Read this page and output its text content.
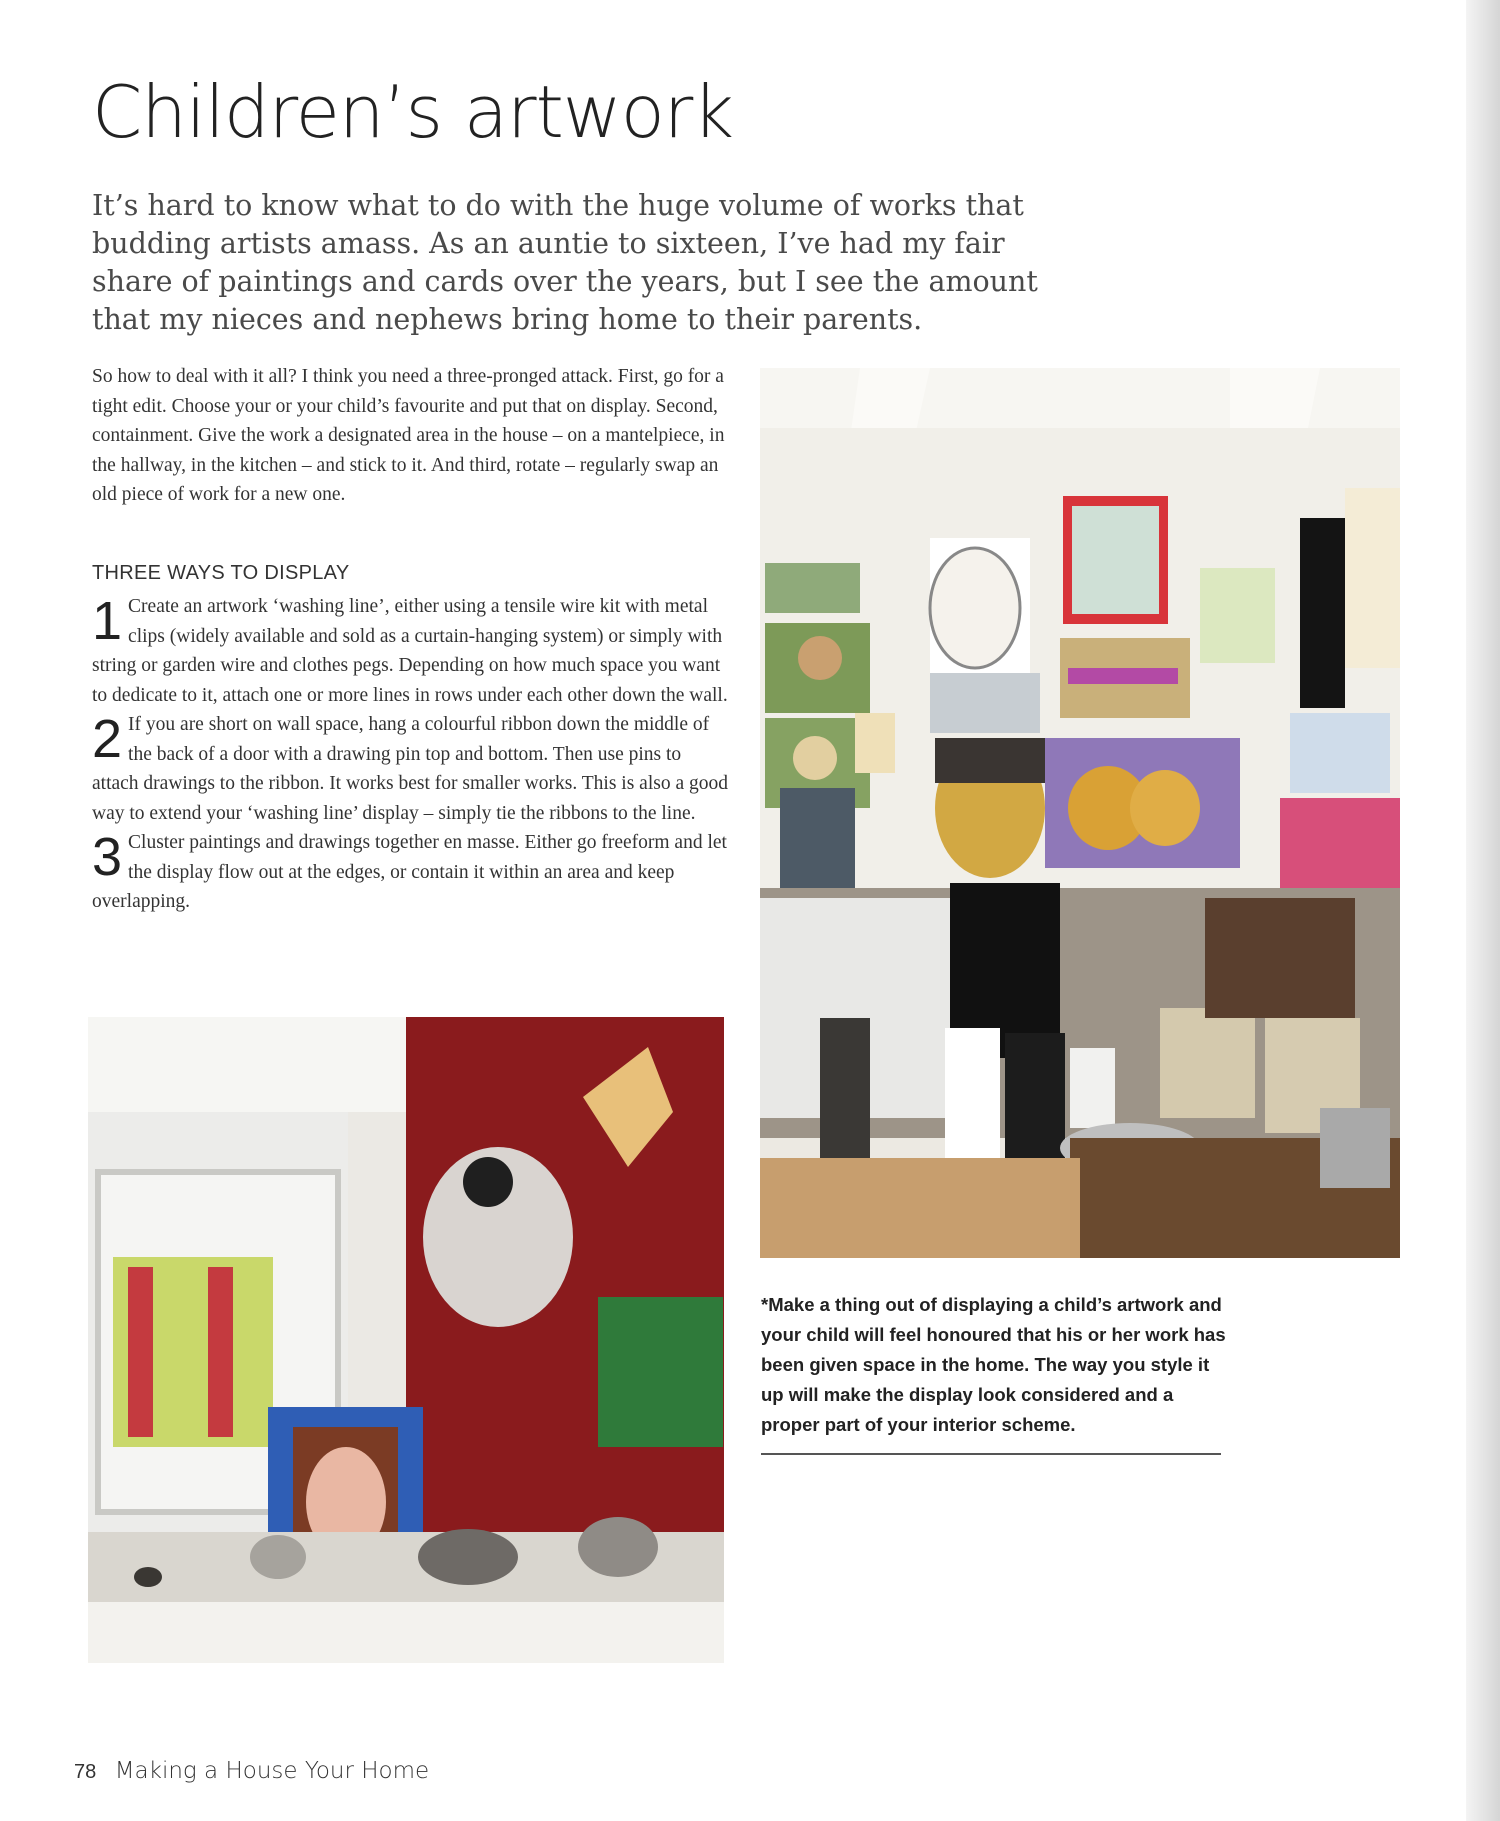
Children’s artwork

It’s hard to know what to do with the huge volume of works that budding artists amass. As an auntie to sixteen, I’ve had my fair share of paintings and cards over the years, but I see the amount that my nieces and nephews bring home to their parents.

So how to deal with it all? I think you need a three-pronged attack. First, go for a tight edit. Choose your or your child’s favourite and put that on display. Second, containment. Give the work a designated area in the house – on a mantelpiece, in the hallway, in the kitchen – and stick to it. And third, rotate – regularly swap an old piece of work for a new one.

THREE WAYS TO DISPLAY

1 Create an artwork ‘washing line’, either using a tensile wire kit with metal clips (widely available and sold as a curtain-hanging system) or simply with string or garden wire and clothes pegs. Depending on how much space you want to dedicate to it, attach one or more lines in rows under each other down the wall.

2 If you are short on wall space, hang a colourful ribbon down the middle of the back of a door with a drawing pin top and bottom. Then use pins to attach drawings to the ribbon. It works best for smaller works. This is also a good way to extend your ‘washing line’ display – simply tie the ribbons to the line.

3 Cluster paintings and drawings together en masse. Either go freeform and let the display flow out at the edges, or contain it within an area and keep overlapping.

*Make a thing out of displaying a child’s artwork and your child will feel honoured that his or her work has been given space in the home. The way you style it up will make the display look considered and a proper part of your interior scheme.

78 Making a House Your Home
